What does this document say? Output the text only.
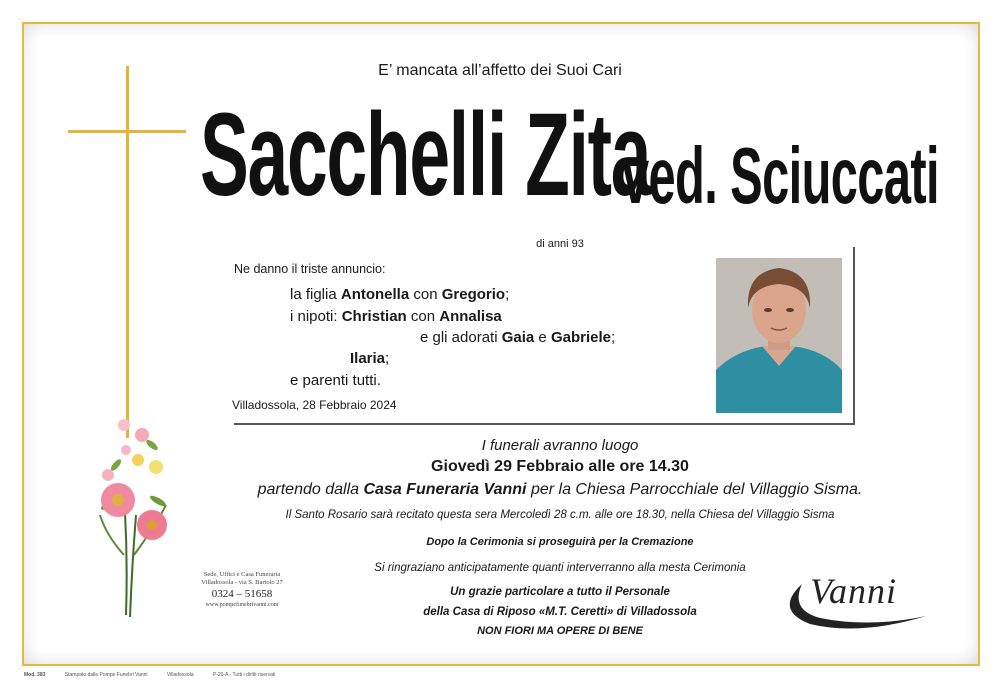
E’ mancata all’affetto dei Suoi Cari
Sacchelli Zita
ved. Sciuccati
di anni 93
Ne danno il triste annuncio:
la figlia Antonella con Gregorio;
i nipoti: Christian con Annalisa
e gli adorati Gaia e Gabriele;
Ilaria;
e parenti tutti.
Villadossola, 28 Febbraio 2024
I funerali avranno luogo
Giovedì 29 Febbraio alle ore 14.30
partendo dalla Casa Funeraria Vanni per la Chiesa Parrocchiale del Villaggio Sisma.
Il Santo Rosario sarà recitato questa sera Mercoledì 28 c.m. alle ore 18.30, nella Chiesa del Villaggio Sisma
Dopo la Cerimonia si proseguirà per la Cremazione
Si ringraziano anticipatamente quanti interverranno alla mesta Cerimonia
Un grazie particolare a tutto il Personale
della Casa di Riposo «M.T. Ceretti» di Villadossola
NON FIORI MA OPERE DI BENE
Sede, Uffici e Casa Funeraria
Villadossola - via S. Bartolo 27
0324 – 51658
www.pompefunebrivanni.com	Vanni
Mod. 383	Stampato dalle Pompe Funebri Vanni	Villadossola	P-20-A - Tutti i diritti riservati
